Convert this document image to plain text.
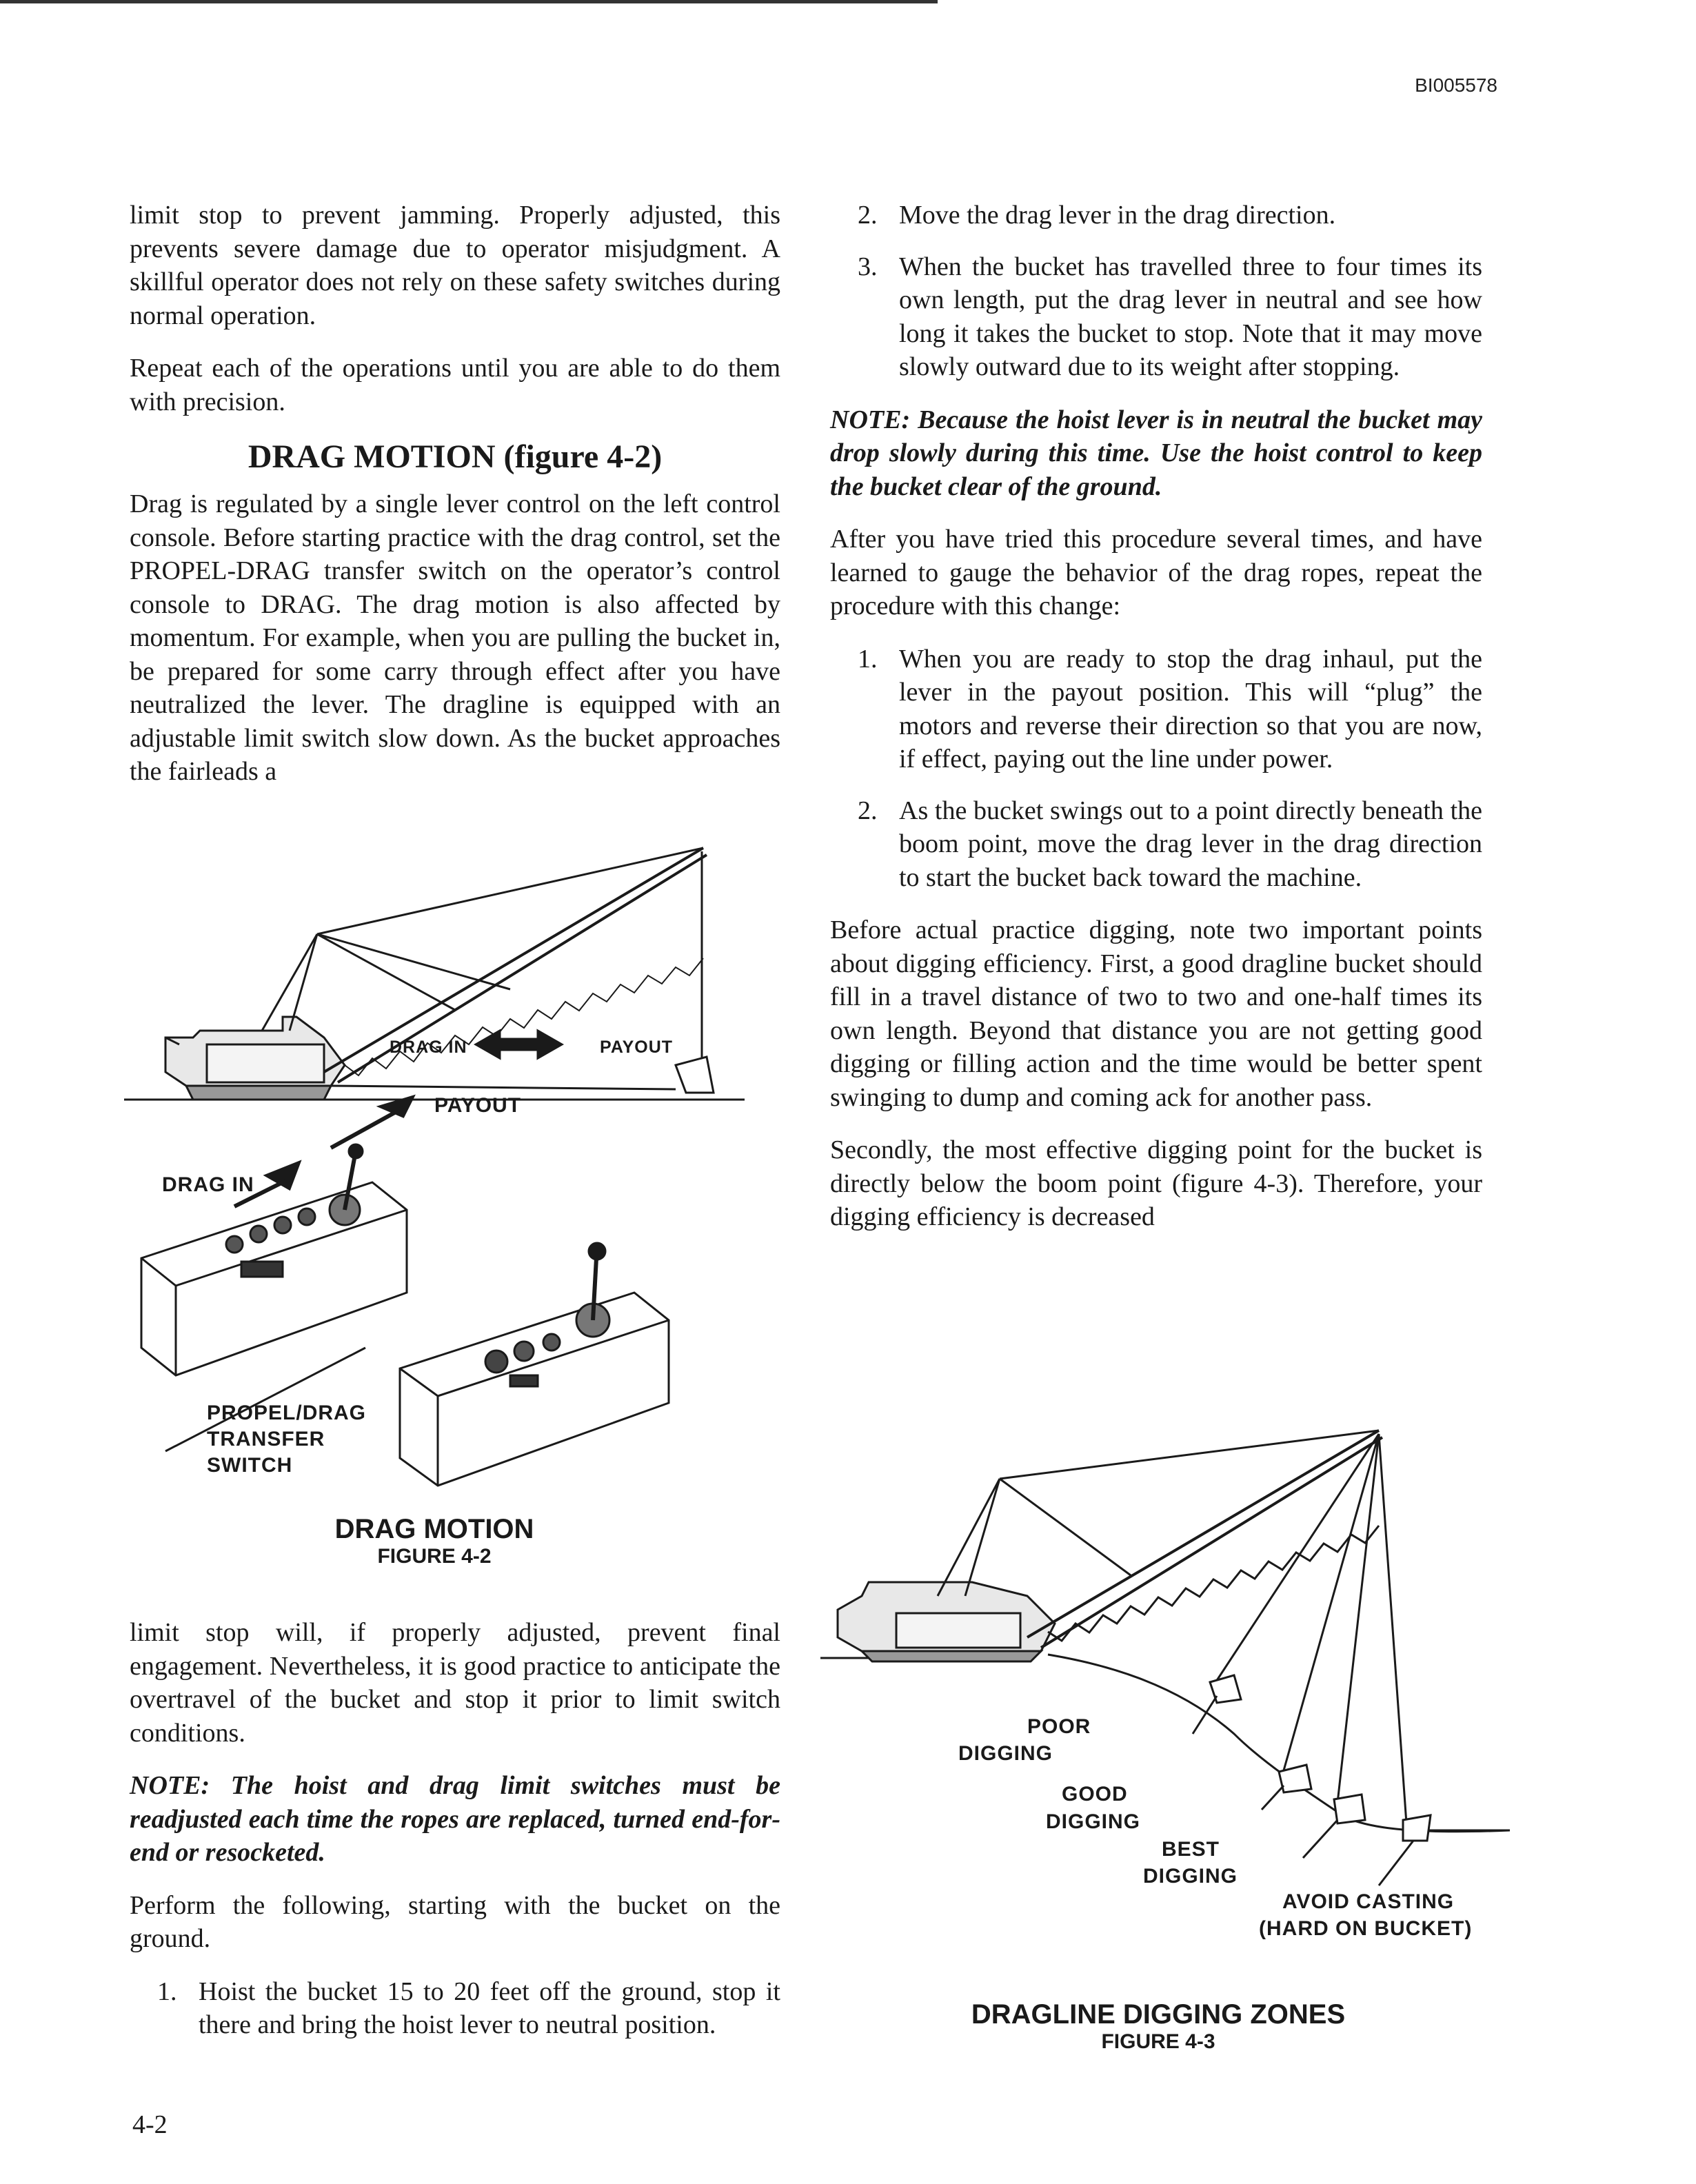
BI005578

limit stop to prevent jamming. Properly adjusted, this prevents severe damage due to operator misjudgment. A skillful operator does not rely on these safety switches during normal operation.

Repeat each of the operations until you are able to do them with precision.

DRAG MOTION (figure 4-2)

Drag is regulated by a single lever control on the left control console. Before starting practice with the drag control, set the PROPEL-DRAG transfer switch on the operator’s control console to DRAG. The drag motion is also affected by momentum. For example, when you are pulling the bucket in, be prepared for some carry through effect after you have neutralized the lever. The dragline is equipped with an adjustable limit switch slow down. As the bucket approaches the fairleads a

DRAG IN	PAYOUT
PAYOUT
DRAG IN
PROPEL/DRAG
TRANSFER
SWITCH
DRAG MOTION
FIGURE 4-2

limit stop will, if properly adjusted, prevent final engagement. Nevertheless, it is good practice to anticipate the overtravel of the bucket and stop it prior to limit switch conditions.

NOTE: The hoist and drag limit switches must be readjusted each time the ropes are replaced, turned end-for-end or resocketed.

Perform the following, starting with the bucket on the ground.

1. Hoist the bucket 15 to 20 feet off the ground, stop it there and bring the hoist lever to neutral position.
2. Move the drag lever in the drag direction.
3. When the bucket has travelled three to four times its own length, put the drag lever in neutral and see how long it takes the bucket to stop. Note that it may move slowly outward due to its weight after stopping.

NOTE: Because the hoist lever is in neutral the bucket may drop slowly during this time. Use the hoist control to keep the bucket clear of the ground.

After you have tried this procedure several times, and have learned to gauge the behavior of the drag ropes, repeat the procedure with this change:

1. When you are ready to stop the drag inhaul, put the lever in the payout position. This will “plug” the motors and reverse their direction so that you are now, if effect, paying out the line under power.
2. As the bucket swings out to a point directly beneath the boom point, move the drag lever in the drag direction to start the bucket back toward the machine.

Before actual practice digging, note two important points about digging efficiency. First, a good dragline bucket should fill in a travel distance of two to two and one-half times its own length. Beyond that distance you are not getting good digging or filling action and the time would be better spent swinging to dump and coming ack for another pass.

Secondly, the most effective digging point for the bucket is directly below the boom point (figure 4-3). Therefore, your digging efficiency is decreased

POOR
DIGGING
GOOD
DIGGING
BEST
DIGGING
AVOID CASTING
(HARD ON BUCKET)
DRAGLINE DIGGING ZONES
FIGURE 4-3
4-2
